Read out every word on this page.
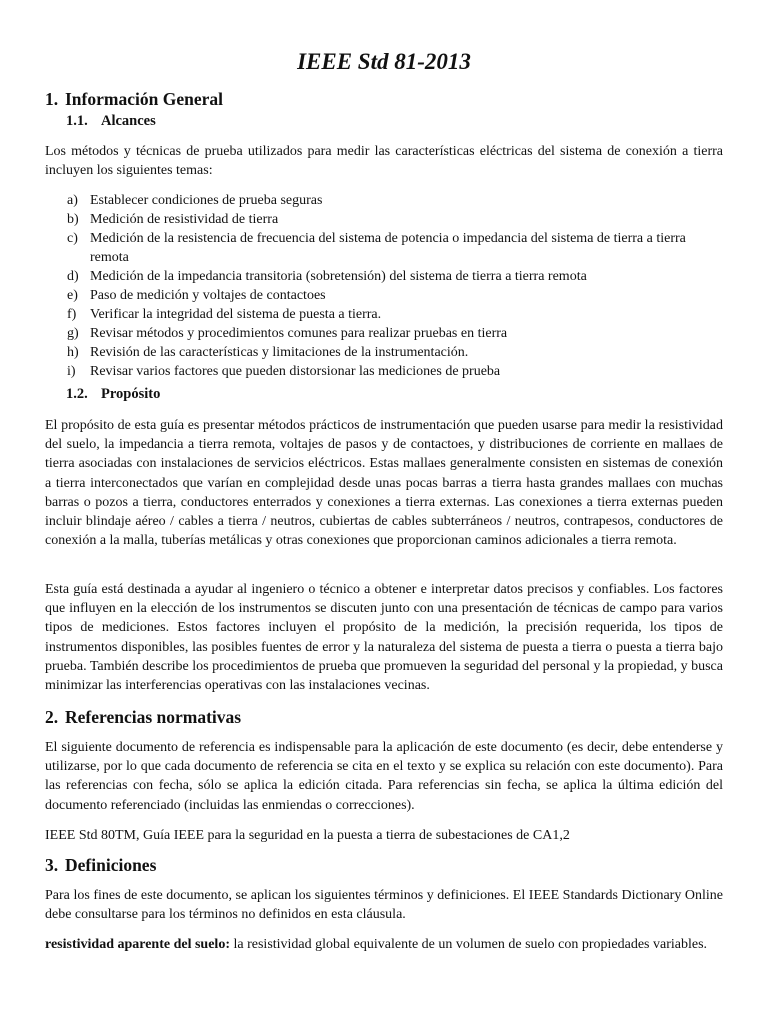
IEEE Std 81-2013
1. Información General
1.1. Alcances

Los métodos y técnicas de prueba utilizados para medir las características eléctricas del sistema de conexión a tierra incluyen los siguientes temas:

a) Establecer condiciones de prueba seguras
b) Medición de resistividad de tierra
c) Medición de la resistencia de frecuencia del sistema de potencia o impedancia del sistema de tierra a tierra remota
d) Medición de la impedancia transitoria (sobretensión) del sistema de tierra a tierra remota
e) Paso de medición y voltajes de contactoes
f) Verificar la integridad del sistema de puesta a tierra.
g) Revisar métodos y procedimientos comunes para realizar pruebas en tierra
h) Revisión de las características y limitaciones de la instrumentación.
i) Revisar varios factores que pueden distorsionar las mediciones de prueba
1.2. Propósito

El propósito de esta guía es presentar métodos prácticos de instrumentación que pueden usarse para medir la resistividad del suelo, la impedancia a tierra remota, voltajes de pasos y de contactoes, y distribuciones de corriente en mallaes de tierra asociadas con instalaciones de servicios eléctricos. Estas mallaes generalmente consisten en sistemas de conexión a tierra interconectados que varían en complejidad desde unas pocas barras a tierra hasta grandes mallaes con muchas barras o pozos a tierra, conductores enterrados y conexiones a tierra externas. Las conexiones a tierra externas pueden incluir blindaje aéreo / cables a tierra / neutros, cubiertas de cables subterráneos / neutros, contrapesos, conductores de conexión a la malla, tuberías metálicas y otras conexiones que proporcionan caminos adicionales a tierra remota.

Esta guía está destinada a ayudar al ingeniero o técnico a obtener e interpretar datos precisos y confiables. Los factores que influyen en la elección de los instrumentos se discuten junto con una presentación de técnicas de campo para varios tipos de mediciones. Estos factores incluyen el propósito de la medición, la precisión requerida, los tipos de instrumentos disponibles, las posibles fuentes de error y la naturaleza del sistema de puesta a tierra o puesta a tierra bajo prueba. También describe los procedimientos de prueba que promueven la seguridad del personal y la propiedad, y busca minimizar las interferencias operativas con las instalaciones vecinas.

2. Referencias normativas

El siguiente documento de referencia es indispensable para la aplicación de este documento (es decir, debe entenderse y utilizarse, por lo que cada documento de referencia se cita en el texto y se explica su relación con este documento). Para las referencias con fecha, sólo se aplica la edición citada. Para referencias sin fecha, se aplica la última edición del documento referenciado (incluidas las enmiendas o correcciones).

IEEE Std 80TM, Guía IEEE para la seguridad en la puesta a tierra de subestaciones de CA1,2

3. Definiciones

Para los fines de este documento, se aplican los siguientes términos y definiciones. El IEEE Standards Dictionary Online debe consultarse para los términos no definidos en esta cláusula.

resistividad aparente del suelo: la resistividad global equivalente de un volumen de suelo con propiedades variables.
